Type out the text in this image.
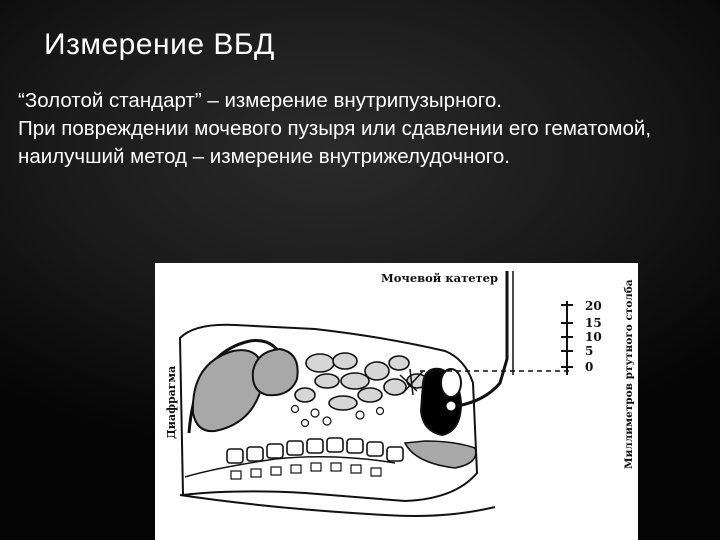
Измерение ВБД

“Золотой стандарт” – измерение внутрипузырного.

При повреждении мочевого пузыря или сдавлении его гематомой, наилучший метод – измерение внутрижелудочного.

20
15
10
5
0
Мочевой катетер
Диафрагма	Миллиметров ртутного столба
